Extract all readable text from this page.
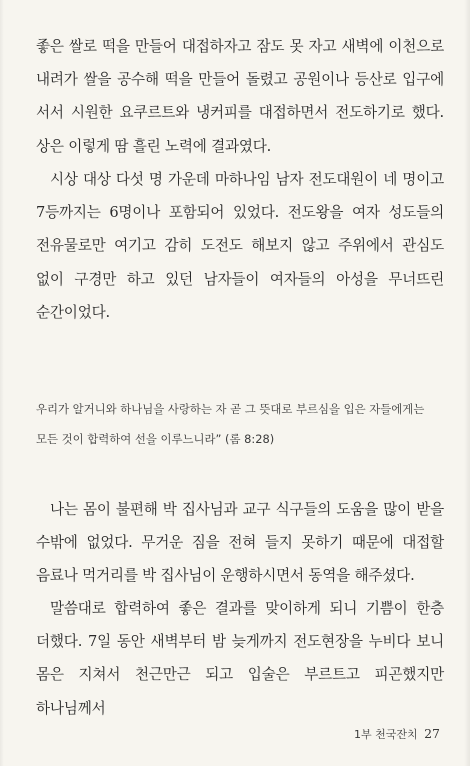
좋은 쌀로 떡을 만들어 대접하자고 잠도 못 자고 새벽에 이천으로 내려가 쌀을 공수해 떡을 만들어 돌렸고 공원이나 등산로 입구에 서서 시원한 요쿠르트와 냉커피를 대접하면서 전도하기로 했다. 상은 이렇게 땀 흘린 노력에 결과였다.
시상 대상 다섯 명 가운데 마하나임 남자 전도대원이 네 명이고 7등까지는 6명이나 포함되어 있었다. 전도왕을 여자 성도들의 전유물로만 여기고 감히 도전도 해보지 않고 주위에서 관심도 없이 구경만 하고 있던 남자들이 여자들의 아성을 무너뜨린 순간이었다.
우리가 알거니와 하나님을 사랑하는 자 곧 그 뜻대로 부르심을 입은 자들에게는 모든 것이 합력하여 선을 이루느니라” (롬 8:28)
나는 몸이 불편해 박 집사님과 교구 식구들의 도움을 많이 받을 수밖에 없었다. 무거운 짐을 전혀 들지 못하기 때문에 대접할 음료나 먹거리를 박 집사님이 운행하시면서 동역을 해주셨다.
말씀대로 합력하여 좋은 결과를 맞이하게 되니 기쁨이 한층 더했다. 7일 동안 새벽부터 밤 늦게까지 전도현장을 누비다 보니 몸은 지쳐서 천근만근 되고 입술은 부르트고 피곤했지만 하나님께서
1부 천국잔치 27
